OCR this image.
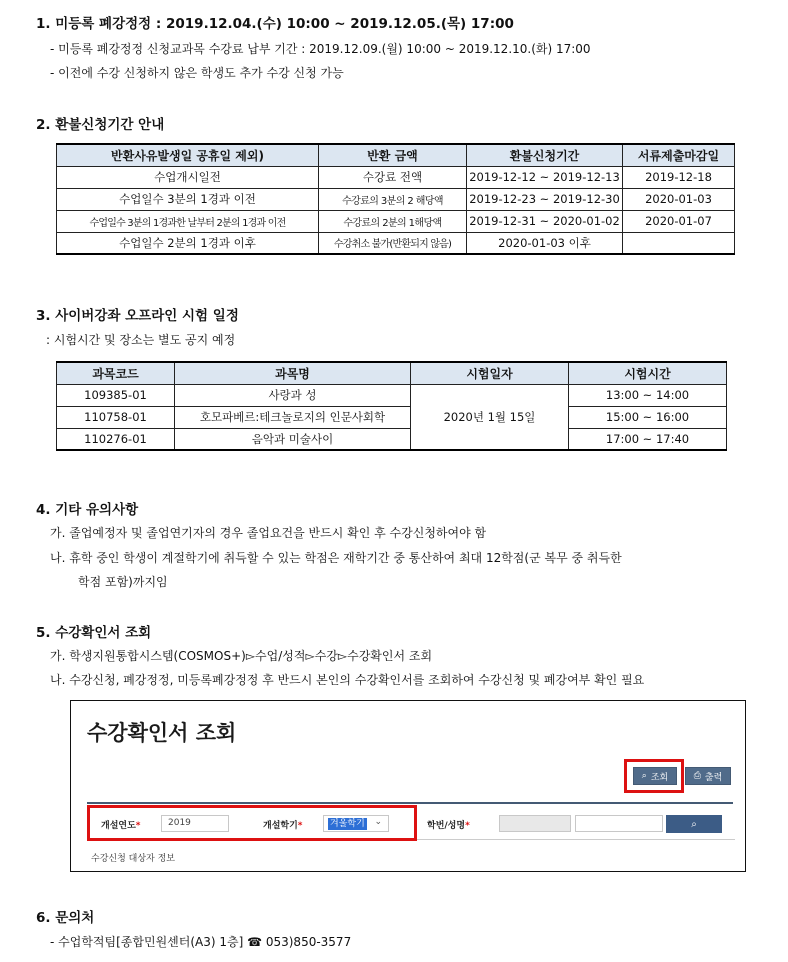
1. 미등록 폐강정정 : 2019.12.04.(수) 10:00 ~ 2019.12.05.(목) 17:00
- 미등록 폐강정정 신청교과목 수강료 납부 기간 : 2019.12.09.(월) 10:00 ~ 2019.12.10.(화) 17:00
- 이전에 수강 신청하지 않은 학생도 추가 수강 신청 가능
2. 환불신청기간 안내
반환사유발생일 공휴일 제외)	반환 금액	환불신청기간	서류제출마감일
수업개시일전	수강료 전액	2019-12-12 ~ 2019-12-13	2019-12-18
수업일수 3분의 1경과 이전	수강료의 3분의 2 해당액	2019-12-23 ~ 2019-12-30	2020-01-03
수업일수 3분의 1경과한 날부터 2분의 1경과 이전	수강료의 2분의 1해당액	2019-12-31 ~ 2020-01-02	2020-01-07
수업일수 2분의 1경과 이후	수강취소 불가(반환되지 않음)	2020-01-03 이후	
3. 사이버강좌 오프라인 시험 일정
: 시험시간 및 장소는 별도 공지 예정
과목코드	과목명	시험일자	시험시간
109385-01	사랑과 성	2020년 1월 15일	13:00 ~ 14:00
110758-01	호모파베르:테크놀로지의 인문사회학		15:00 ~ 16:00
110276-01	음악과 미술사이		17:00 ~ 17:40
4. 기타 유의사항
가. 졸업예정자 및 졸업연기자의 경우 졸업요건을 반드시 확인 후 수강신청하여야 함
나. 휴학 중인 학생이 계절학기에 취득할 수 있는 학점은 재학기간 중 통산하여 최대 12학점(군 복무 중 취득한
학점 포함)까지임
5. 수강확인서 조회
가. 학생지원통합시스템(COSMOS+)▻수업/성적▻수강▻수강확인서 조회
나. 수강신청, 폐강정정, 미등록폐강정정 후 반드시 본인의 수강확인서를 조회하여 수강신청 및 폐강여부 확인 필요
수강확인서 조회
⌕ 조회	⎙ 출력
개설연도*	2019	개설학기*	겨울학기 ⌄	학번/성명*	⌕
수강신청 대상자 정보
6. 문의처
- 수업학적팀[종합민원센터(A3) 1층] ☎ 053)850-3577
